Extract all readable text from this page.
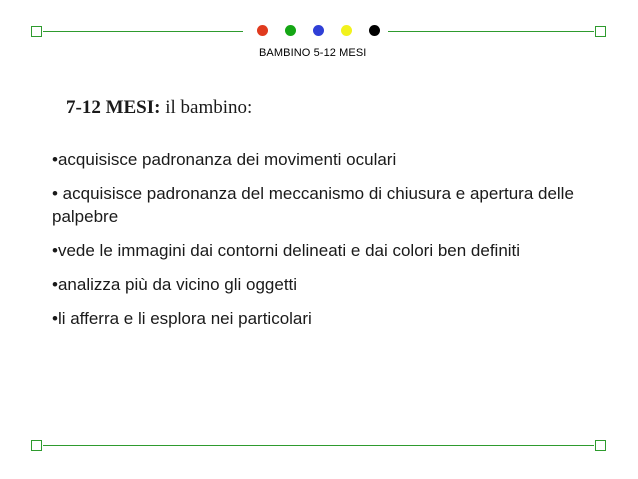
BAMBINO 5-12 MESI
7-12 MESI: il bambino:
•acquisisce padronanza dei movimenti oculari
• acquisisce padronanza del meccanismo di chiusura e apertura delle palpebre
•vede le immagini dai contorni delineati e dai colori ben definiti
•analizza più da vicino gli oggetti
•li afferra e li esplora nei particolari
